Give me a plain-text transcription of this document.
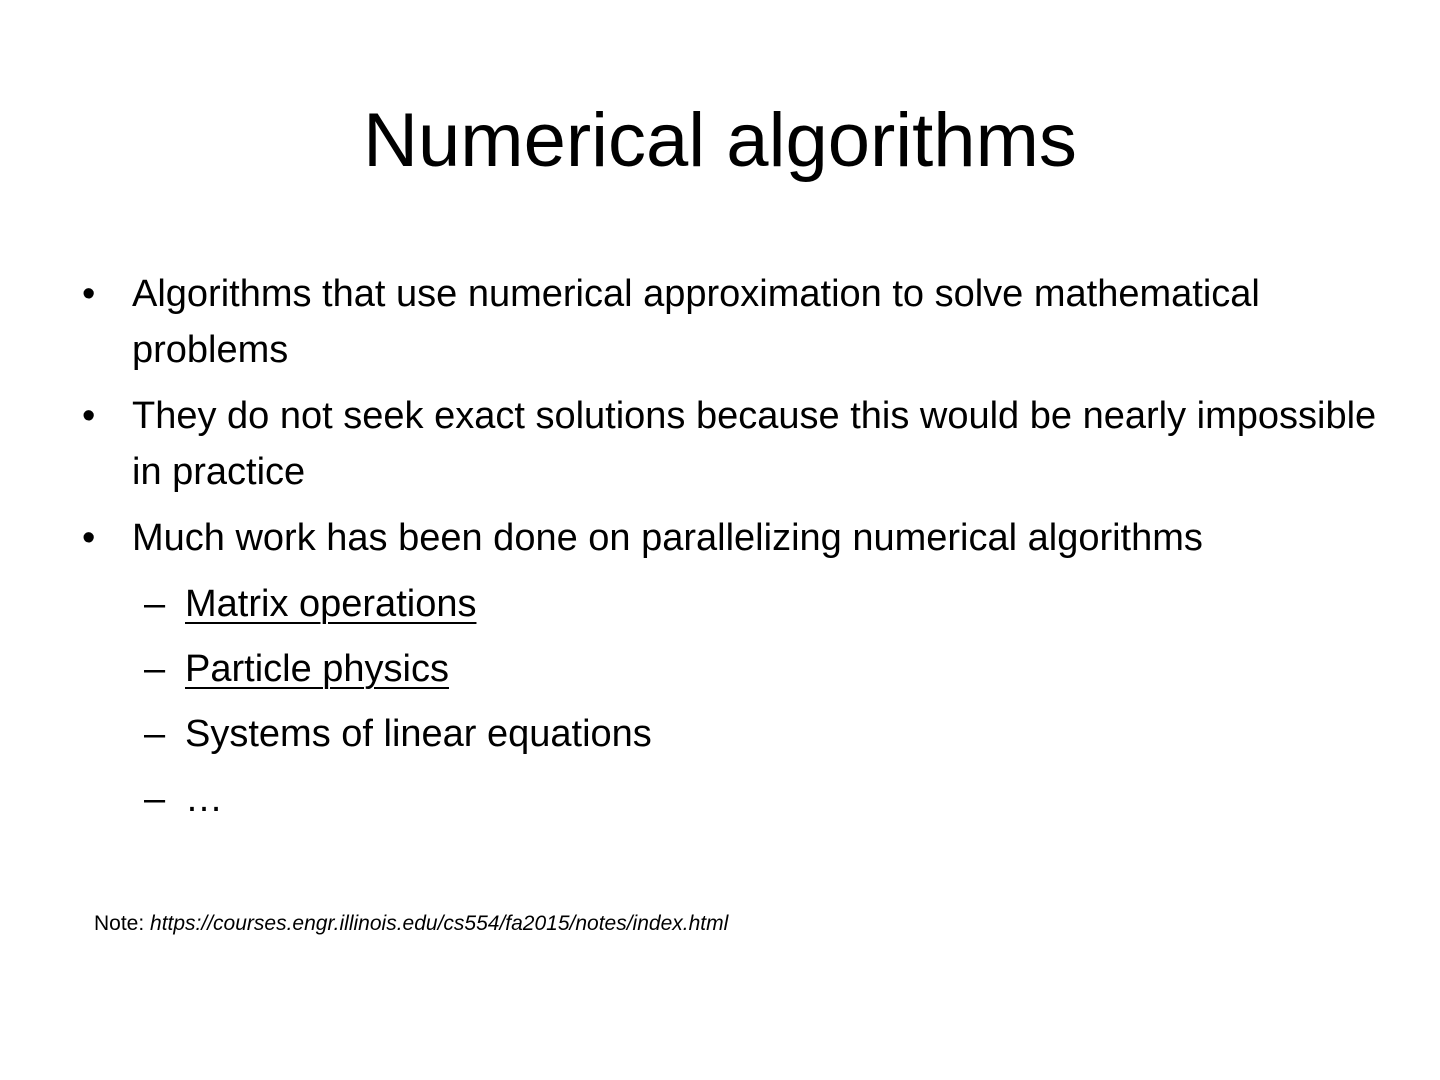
Numerical algorithms
• Algorithms that use numerical approximation to solve mathematical problems
• They do not seek exact solutions because this would be nearly impossible in practice
• Much work has been done on parallelizing numerical algorithms
– Matrix operations
– Particle physics
– Systems of linear equations
– …
Note: https://courses.engr.illinois.edu/cs554/fa2015/notes/index.html
